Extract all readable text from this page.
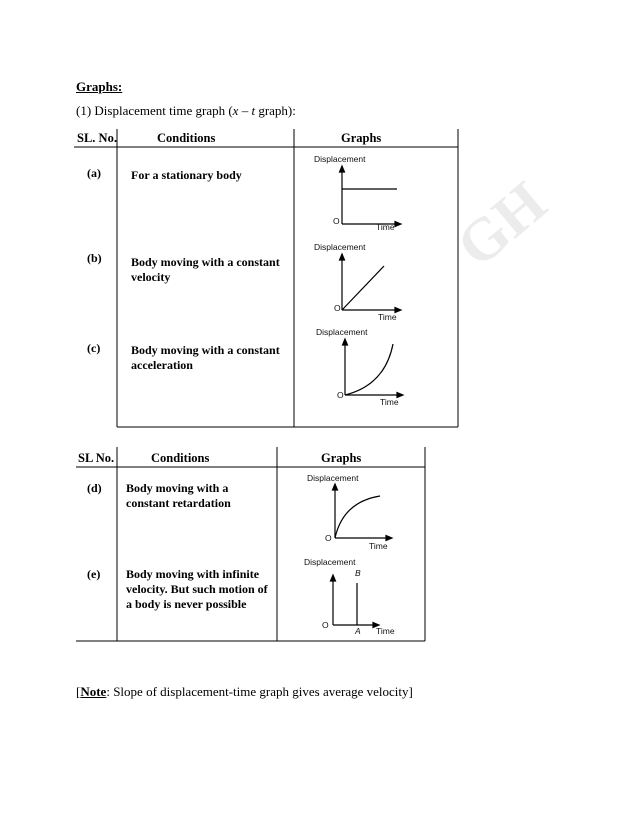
GH
Graphs:
(1) Displacement time graph (x – t graph):
SL. No.	Conditions	Graphs
(a)	For a stationary body
(b) Body moving with a constant velocity
(c)	Body moving with a constant acceleration
Displacement
O
Time
Displacement
O
Time
Displacement
O
Time
SL No.	Conditions	Graphs
(d) Body moving with a constant retardation
(e) Body moving with infinite velocity. But such motion of a body is never possible
Displacement
O
Time
Displacement
B
O
A Time
[Note: Slope of displacement-time graph gives average velocity]
